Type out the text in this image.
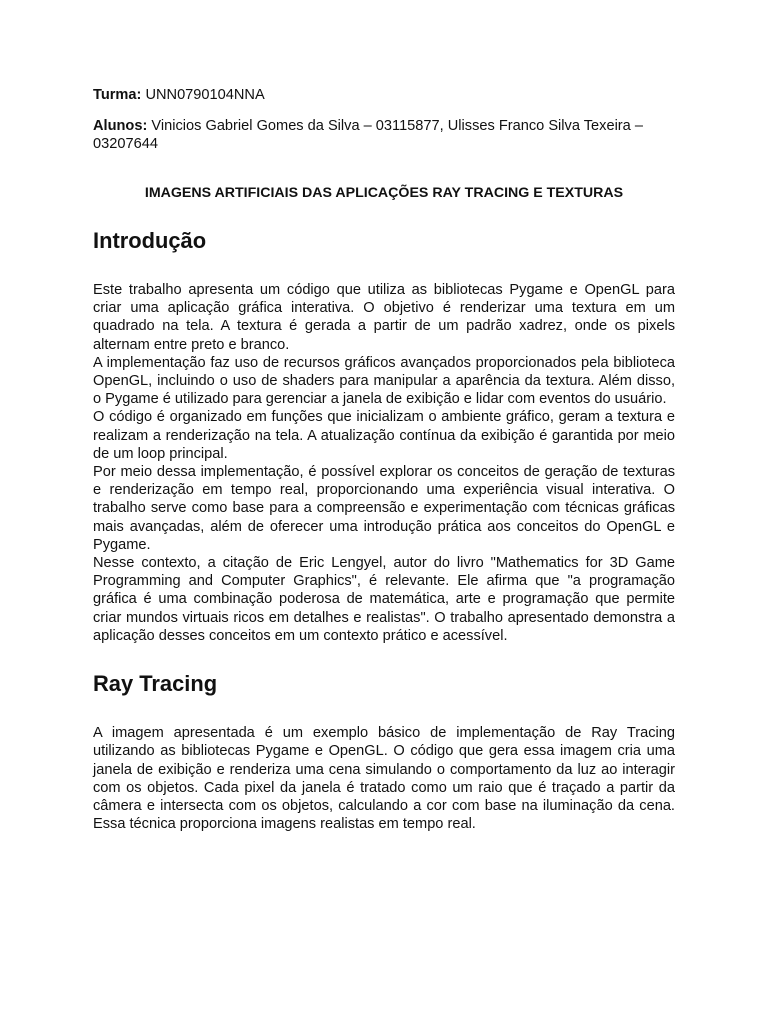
Turma: UNN0790104NNA

Alunos: Vinicios Gabriel Gomes da Silva – 03115877, Ulisses Franco Silva Texeira – 03207644

IMAGENS ARTIFICIAIS DAS APLICAÇÕES RAY TRACING E TEXTURAS
Introdução

Este trabalho apresenta um código que utiliza as bibliotecas Pygame e OpenGL para criar uma aplicação gráfica interativa. O objetivo é renderizar uma textura em um quadrado na tela. A textura é gerada a partir de um padrão xadrez, onde os pixels alternam entre preto e branco.

A implementação faz uso de recursos gráficos avançados proporcionados pela biblioteca OpenGL, incluindo o uso de shaders para manipular a aparência da textura. Além disso, o Pygame é utilizado para gerenciar a janela de exibição e lidar com eventos do usuário.

O código é organizado em funções que inicializam o ambiente gráfico, geram a textura e realizam a renderização na tela. A atualização contínua da exibição é garantida por meio de um loop principal.

Por meio dessa implementação, é possível explorar os conceitos de geração de texturas e renderização em tempo real, proporcionando uma experiência visual interativa. O trabalho serve como base para a compreensão e experimentação com técnicas gráficas mais avançadas, além de oferecer uma introdução prática aos conceitos do OpenGL e Pygame.

Nesse contexto, a citação de Eric Lengyel, autor do livro "Mathematics for 3D Game Programming and Computer Graphics", é relevante. Ele afirma que "a programação gráfica é uma combinação poderosa de matemática, arte e programação que permite criar mundos virtuais ricos em detalhes e realistas". O trabalho apresentado demonstra a aplicação desses conceitos em um contexto prático e acessível.

Ray Tracing

A imagem apresentada é um exemplo básico de implementação de Ray Tracing utilizando as bibliotecas Pygame e OpenGL. O código que gera essa imagem cria uma janela de exibição e renderiza uma cena simulando o comportamento da luz ao interagir com os objetos. Cada pixel da janela é tratado como um raio que é traçado a partir da câmera e intersecta com os objetos, calculando a cor com base na iluminação da cena. Essa técnica proporciona imagens realistas em tempo real.
